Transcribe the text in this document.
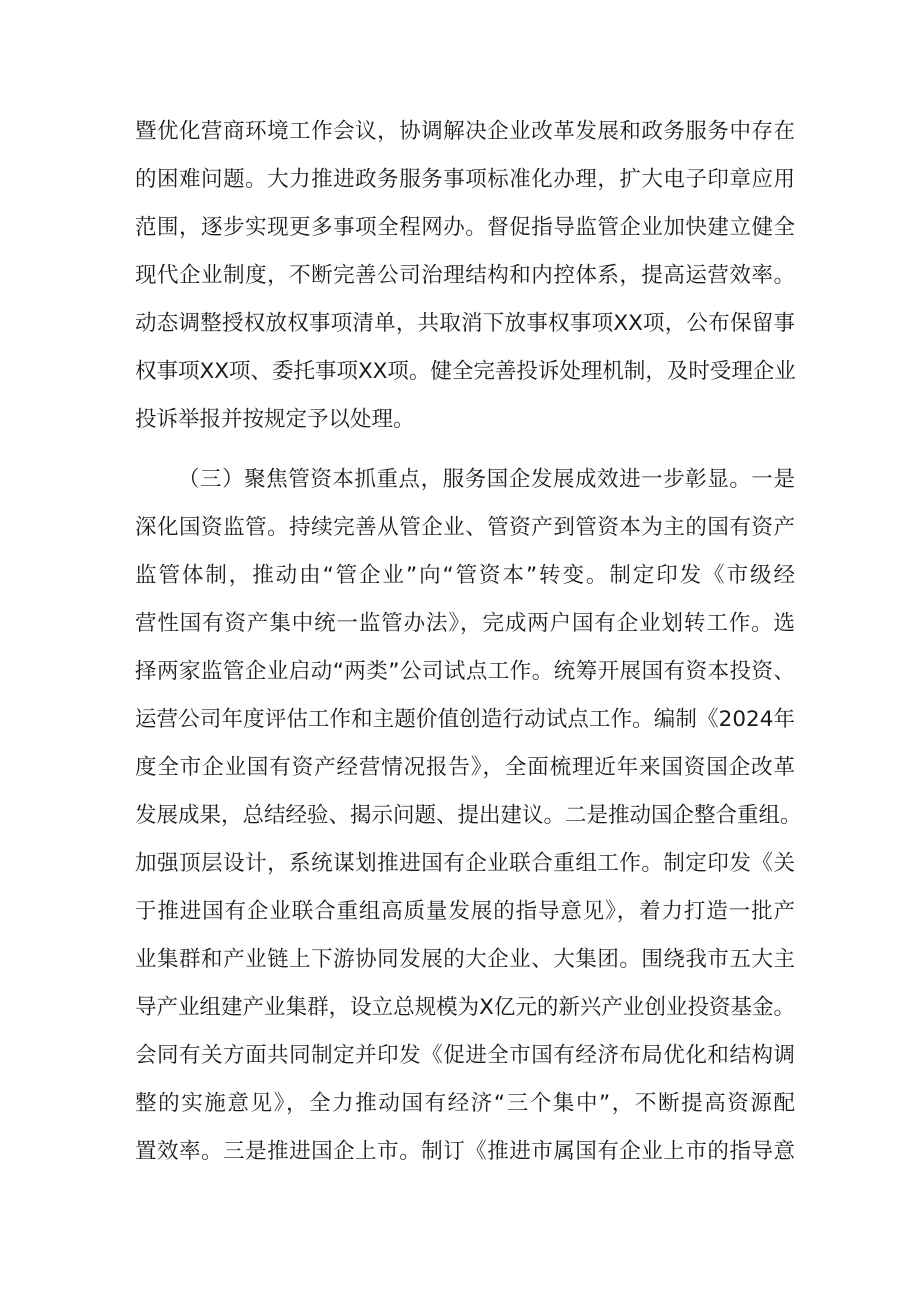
暨优化营商环境工作会议，协调解决企业改革发展和政务服务中存在
的困难问题。大力推进政务服务事项标准化办理，扩大电子印章应用
范围，逐步实现更多事项全程网办。督促指导监管企业加快建立健全
现代企业制度，不断完善公司治理结构和内控体系，提高运营效率。
动态调整授权放权事项清单，共取消下放事权事项XX项，公布保留事
权事项XX项、委托事项XX项。健全完善投诉处理机制，及时受理企业
投诉举报并按规定予以处理。
（三）聚焦管资本抓重点，服务国企发展成效进一步彰显。一是
深化国资监管。持续完善从管企业、管资产到管资本为主的国有资产
监管体制，推动由“管企业”向“管资本”转变。制定印发《市级经
营性国有资产集中统一监管办法》，完成两户国有企业划转工作。选
择两家监管企业启动“两类”公司试点工作。统筹开展国有资本投资、
运营公司年度评估工作和主题价值创造行动试点工作。编制《2024年
度全市企业国有资产经营情况报告》，全面梳理近年来国资国企改革
发展成果，总结经验、揭示问题、提出建议。二是推动国企整合重组。
加强顶层设计，系统谋划推进国有企业联合重组工作。制定印发《关
于推进国有企业联合重组高质量发展的指导意见》，着力打造一批产
业集群和产业链上下游协同发展的大企业、大集团。围绕我市五大主
导产业组建产业集群，设立总规模为X亿元的新兴产业创业投资基金。
会同有关方面共同制定并印发《促进全市国有经济布局优化和结构调
整的实施意见》，全力推动国有经济“三个集中”，不断提高资源配
置效率。三是推进国企上市。制订《推进市属国有企业上市的指导意
